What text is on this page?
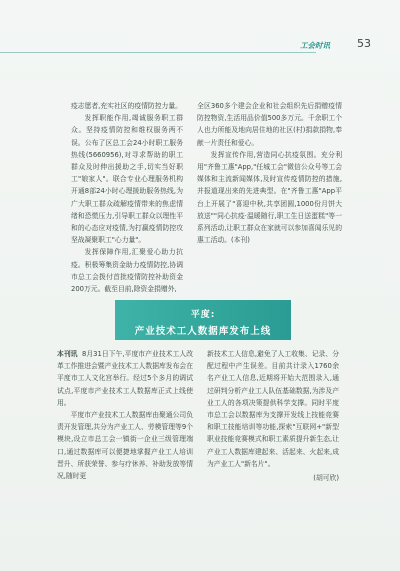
工会时讯 53

疫志愿者,充实社区的疫情防控力量。

发挥职能作用,竭诚服务职工群众。坚持疫情防控和维权服务两不误。公布了区总工会24小时职工服务热线(5660956),对寻求帮助的职工群众及时伸出援助之手,切实当好职工"娘家人"。联合专业心理服务机构开通8部24小时心理援助服务热线,为广大职工群众疏解疫情带来的焦虑情绪和恐慌压力,引导职工群众以理性平和的心态应对疫情,为打赢疫情防控攻坚战凝聚职工"心力量"。

发挥保障作用,汇聚爱心助力抗疫。积极筹集资金助力疫情防控,协调市总工会拨付首批疫情防控补助资金200万元。截至目前,除资金捐赠外,

全区360多个建会企业和社会组织先后捐赠疫情防控物资,生活用品价值500多万元。千余职工个人也力所能及地向居住地的社区(村)捐款捐物,奉献一片责任和爱心。

发挥宣传作用,营造同心抗疫氛围。充分利用"齐鲁工惠"App,"任城工会"微信公众号等工会媒体和主流新闻媒体,及时宣传疫情防控的措施,并报道现出来的先进典型。在"齐鲁工惠"App平台上开展了"喜迎中秋,共享团圆,1000份月饼大放送""同心抗疫·温暖随行,职工生日送蛋糕"等一系列活动,让职工群众在家就可以参加喜闻乐见的惠工活动。(本刊)

平度:
产业技术工人数据库发布上线

本刊讯 8月31日下午,平度市产业技术工人改革工作推进会暨产业技术工人数据库发布会在平度市工人文化宫举行。经过5个多月的调试试点,平度市产业技术工人数据库正式上线使用。

平度市产业技术工人数据库由聚通公司负责开发管理,共分为产业工人、劳模管理等9个模块,设立市总工会一镇街一企业三级管理端口,通过数据库可以便捷地掌握产业工人培训晋升、所获荣誉、参与疗休养、补助发放等情况,随时更

新技术工人信息,避免了人工收集、记录、分配过程中产生误差。目前共计录入1760余名产业工人信息,近期将开始大范围录入,通过研判分析产业工人队伍基础数据,为涉及产业工人的各项决策提供科学支撑。同时平度市总工会以数据库为支撑开发线上技能竞赛和职工技能培训等功能,探索"互联网+"新型职业技能竞赛模式和职工素质提升新生态,让产业工人数据库建起来、活起来、火起来,成为产业工人"新名片"。

(胡可欣)
